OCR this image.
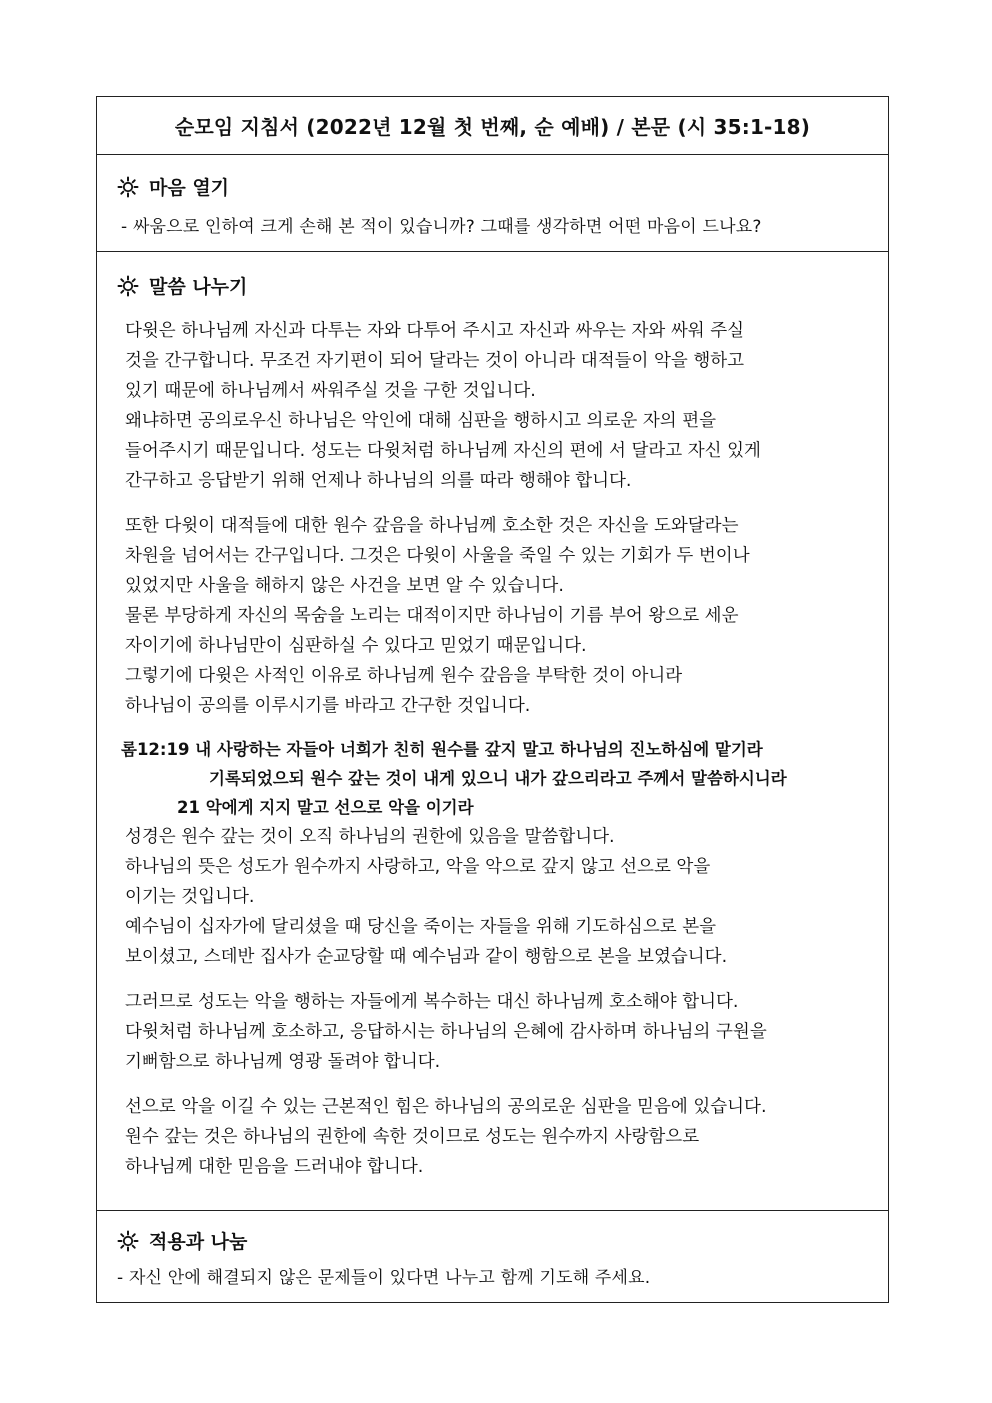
순모임 지침서 (2022년 12월 첫 번째, 순 예배) / 본문 (시 35:1-18)
마음 열기
- 싸움으로 인하여 크게 손해 본 적이 있습니까? 그때를 생각하면 어떤 마음이 드나요?
말씀 나누기
다윗은 하나님께 자신과 다투는 자와 다투어 주시고 자신과 싸우는 자와 싸워 주실
것을 간구합니다. 무조건 자기편이 되어 달라는 것이 아니라 대적들이 악을 행하고
있기 때문에 하나님께서 싸워주실 것을 구한 것입니다.
왜냐하면 공의로우신 하나님은 악인에 대해 심판을 행하시고 의로운 자의 편을
들어주시기 때문입니다. 성도는 다윗처럼 하나님께 자신의 편에 서 달라고 자신 있게
간구하고 응답받기 위해 언제나 하나님의 의를 따라 행해야 합니다.
또한 다윗이 대적들에 대한 원수 갚음을 하나님께 호소한 것은 자신을 도와달라는
차원을 넘어서는 간구입니다. 그것은 다윗이 사울을 죽일 수 있는 기회가 두 번이나
있었지만 사울을 해하지 않은 사건을 보면 알 수 있습니다.
물론 부당하게 자신의 목숨을 노리는 대적이지만 하나님이 기름 부어 왕으로 세운
자이기에 하나님만이 심판하실 수 있다고 믿었기 때문입니다.
그렇기에 다윗은 사적인 이유로 하나님께 원수 갚음을 부탁한 것이 아니라
하나님이 공의를 이루시기를 바라고 간구한 것입니다.
롬12:19 내 사랑하는 자들아 너희가 친히 원수를 갚지 말고 하나님의 진노하심에 맡기라
기록되었으되 원수 갚는 것이 내게 있으니 내가 갚으리라고 주께서 말씀하시니라
21 악에게 지지 말고 선으로 악을 이기라
성경은 원수 갚는 것이 오직 하나님의 권한에 있음을 말씀합니다.
하나님의 뜻은 성도가 원수까지 사랑하고, 악을 악으로 갚지 않고 선으로 악을
이기는 것입니다.
예수님이 십자가에 달리셨을 때 당신을 죽이는 자들을 위해 기도하심으로 본을
보이셨고, 스데반 집사가 순교당할 때 예수님과 같이 행함으로 본을 보였습니다.
그러므로 성도는 악을 행하는 자들에게 복수하는 대신 하나님께 호소해야 합니다.
다윗처럼 하나님께 호소하고, 응답하시는 하나님의 은혜에 감사하며 하나님의 구원을
기뻐함으로 하나님께 영광 돌려야 합니다.
선으로 악을 이길 수 있는 근본적인 힘은 하나님의 공의로운 심판을 믿음에 있습니다.
원수 갚는 것은 하나님의 권한에 속한 것이므로 성도는 원수까지 사랑함으로
하나님께 대한 믿음을 드러내야 합니다.
적용과 나눔
- 자신 안에 해결되지 않은 문제들이 있다면 나누고 함께 기도해 주세요.
